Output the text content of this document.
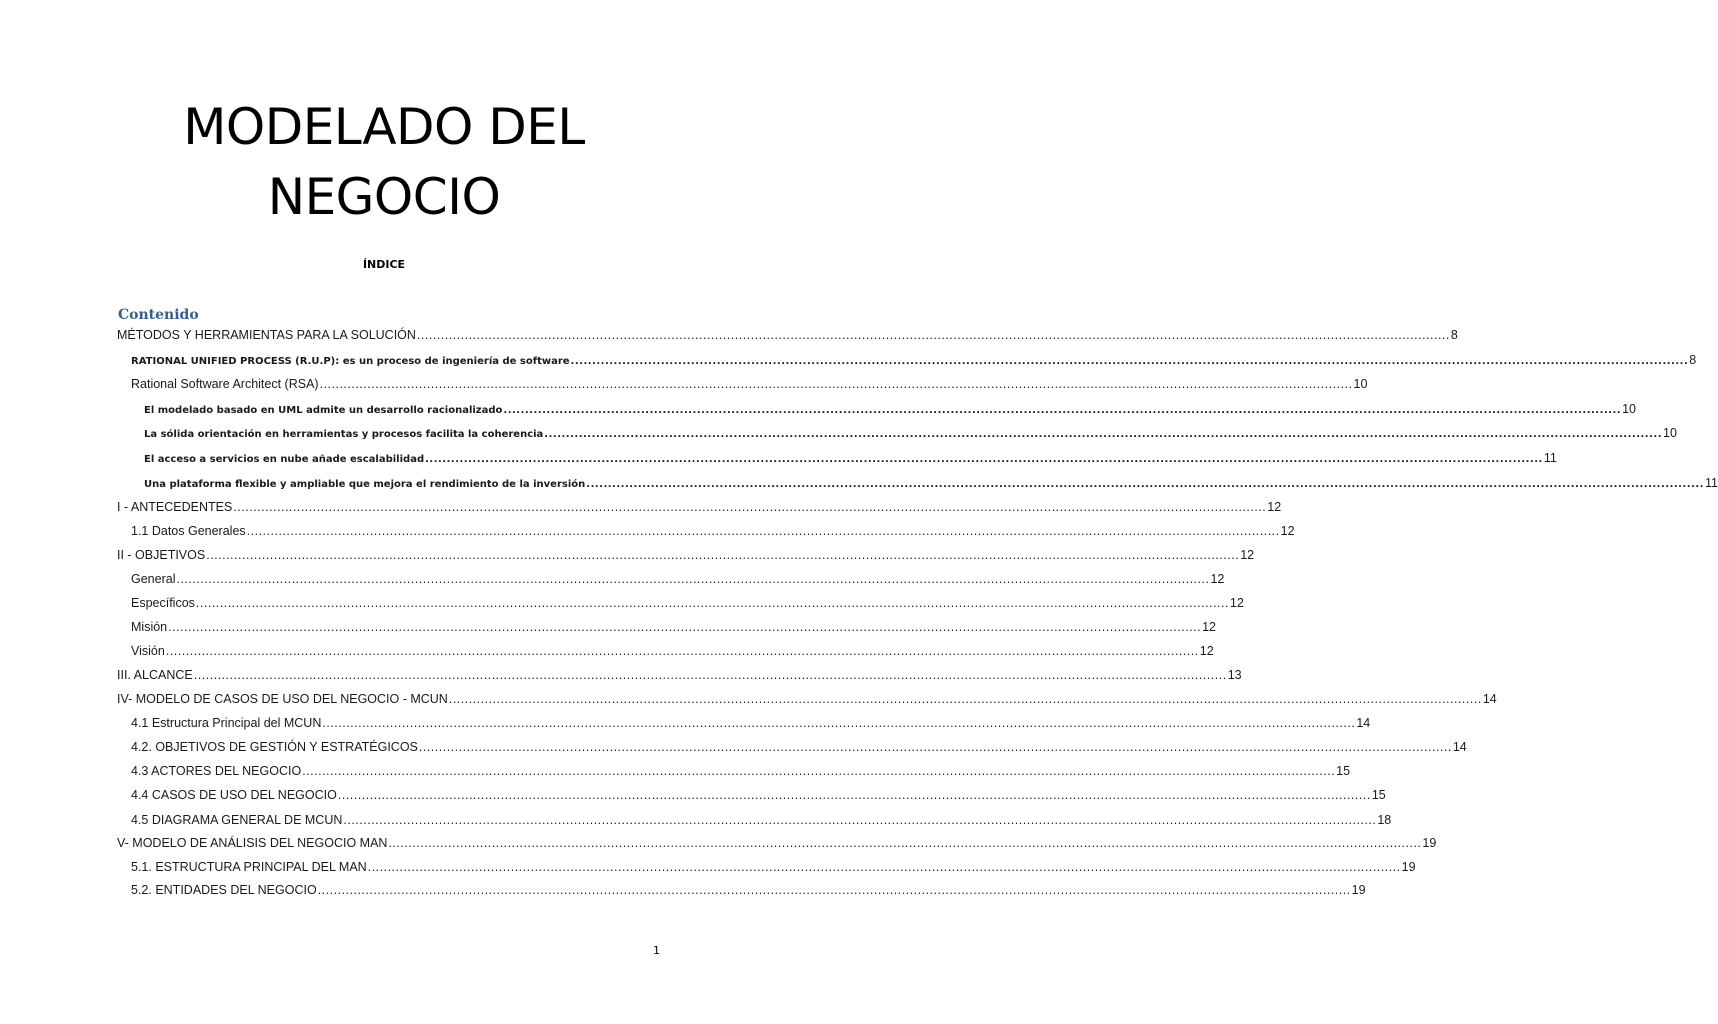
MODELADO DEL
NEGOCIO
ÍNDICE
Contenido
MÉTODOS Y HERRAMIENTAS PARA LA SOLUCIÓN .................................................................................................................................................................................................................................................................... 8
RATIONAL UNIFIED PROCESS (R.U.P): es un proceso de ingeniería de software .................................................................................................................................................................................................................................................................... 8
Rational Software Architect (RSA) .................................................................................................................................................................................................................................................................... 10
El modelado basado en UML admite un desarrollo racionalizado .................................................................................................................................................................................................................................................................... 10
La sólida orientación en herramientas y procesos facilita la coherencia .................................................................................................................................................................................................................................................................... 10
El acceso a servicios en nube añade escalabilidad .................................................................................................................................................................................................................................................................... 11
Una plataforma flexible y ampliable que mejora el rendimiento de la inversión .................................................................................................................................................................................................................................................................... 11
I - ANTECEDENTES .................................................................................................................................................................................................................................................................... 12
1.1 Datos Generales .................................................................................................................................................................................................................................................................... 12
II - OBJETIVOS .................................................................................................................................................................................................................................................................... 12
General .................................................................................................................................................................................................................................................................... 12
Específicos .................................................................................................................................................................................................................................................................... 12
Misión .................................................................................................................................................................................................................................................................... 12
Visión .................................................................................................................................................................................................................................................................... 12
III. ALCANCE .................................................................................................................................................................................................................................................................... 13
IV- MODELO DE CASOS DE USO DEL NEGOCIO - MCUN .................................................................................................................................................................................................................................................................... 14
4.1 Estructura Principal del MCUN .................................................................................................................................................................................................................................................................... 14
4.2. OBJETIVOS DE GESTIÓN Y ESTRATÉGICOS .................................................................................................................................................................................................................................................................... 14
4.3 ACTORES DEL NEGOCIO .................................................................................................................................................................................................................................................................... 15
4.4 CASOS DE USO DEL NEGOCIO .................................................................................................................................................................................................................................................................... 15
4.5 DIAGRAMA GENERAL DE MCUN .................................................................................................................................................................................................................................................................... 18
V- MODELO DE ANÁLISIS DEL NEGOCIO MAN .................................................................................................................................................................................................................................................................... 19
5.1. ESTRUCTURA PRINCIPAL DEL MAN .................................................................................................................................................................................................................................................................... 19
5.2. ENTIDADES DEL NEGOCIO .................................................................................................................................................................................................................................................................... 19
1
